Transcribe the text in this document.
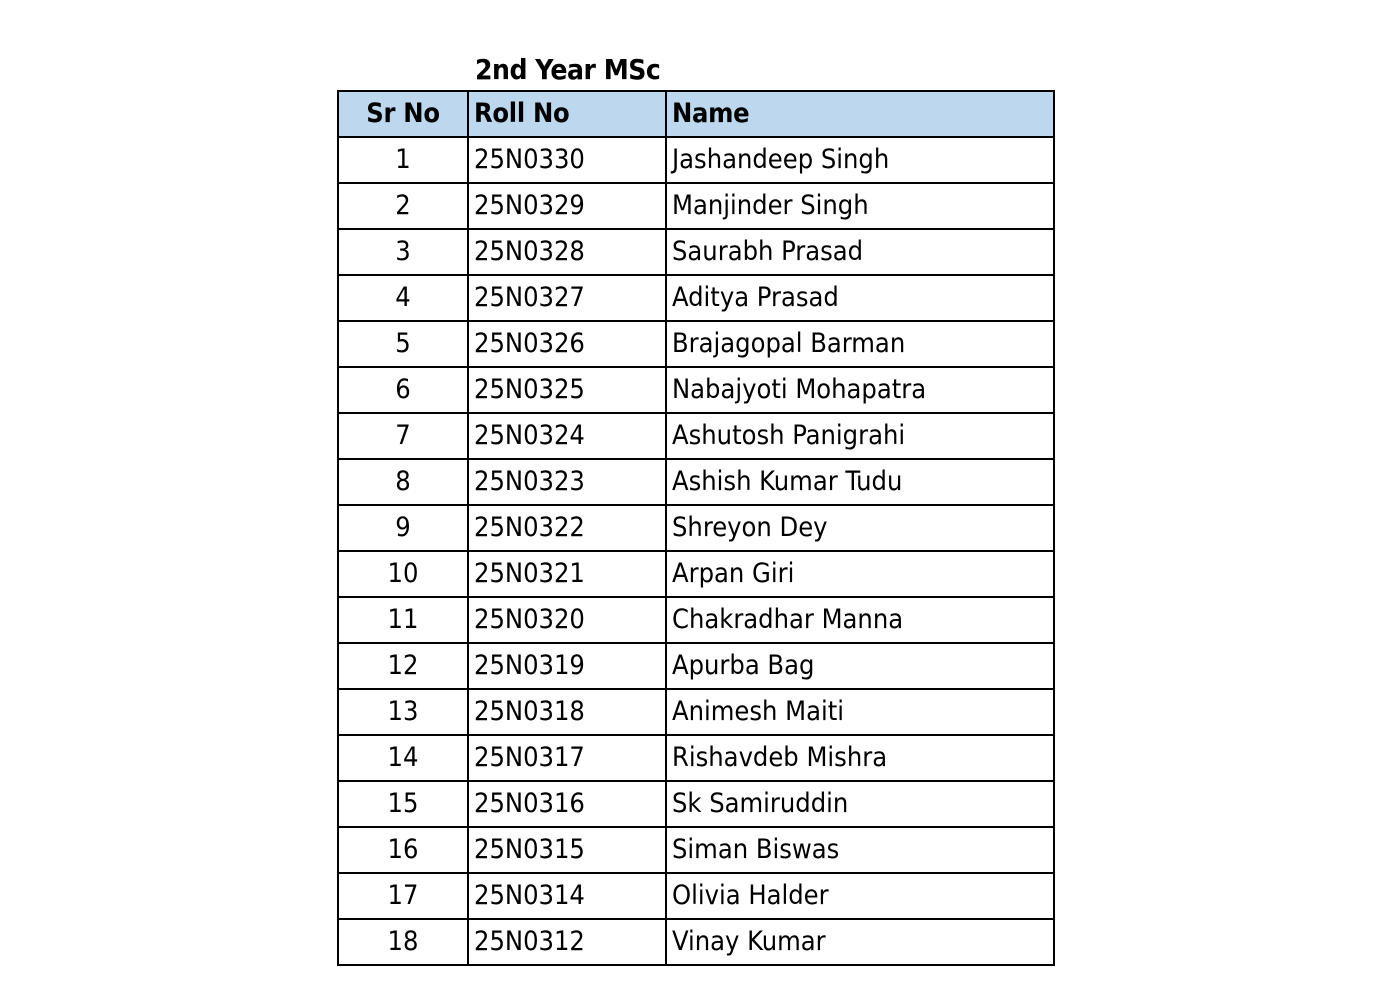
2nd Year MSc
Sr No	Roll No	Name
1	25N0330	Jashandeep Singh
2	25N0329	Manjinder Singh
3	25N0328	Saurabh Prasad
4	25N0327	Aditya Prasad
5	25N0326	Brajagopal Barman
6	25N0325	Nabajyoti Mohapatra
7	25N0324	Ashutosh Panigrahi
8	25N0323	Ashish Kumar Tudu
9	25N0322	Shreyon Dey
10	25N0321	Arpan Giri
11	25N0320	Chakradhar Manna
12	25N0319	Apurba Bag
13	25N0318	Animesh Maiti
14	25N0317	Rishavdeb Mishra
15	25N0316	Sk Samiruddin
16	25N0315	Siman Biswas
17	25N0314	Olivia Halder
18	25N0312	Vinay Kumar
